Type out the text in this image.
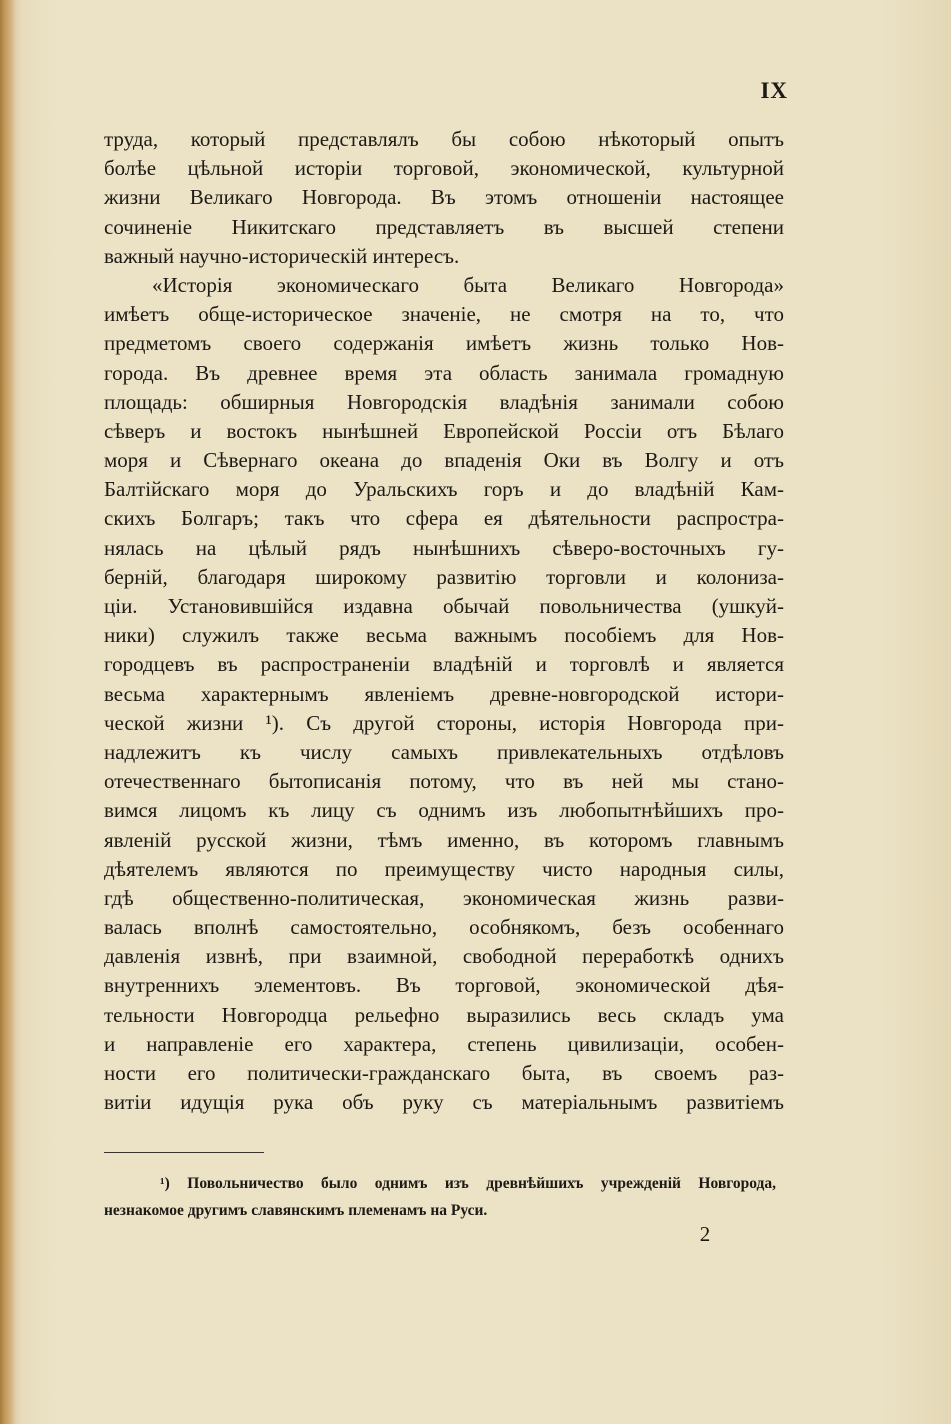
IX
труда, который представлялъ бы собою нѣкоторый опытъ
болѣе цѣльной исторіи торговой, экономической, культурной
жизни Великаго Новгорода. Въ этомъ отношеніи настоящее
сочиненіе Никитскаго представляетъ въ высшей степени
важный научно-историческій интересъ.
«Исторія экономическаго быта Великаго Новгорода»
имѣетъ обще-историческое значеніе, не смотря на то, что
предметомъ своего содержанія имѣетъ жизнь только Нов-
города. Въ древнее время эта область занимала громадную
площадь: обширныя Новгородскія владѣнія занимали собою
сѣверъ и востокъ нынѣшней Европейской Россіи отъ Бѣлаго
моря и Сѣвернаго океана до впаденія Оки въ Волгу и отъ
Балтійскаго моря до Уральскихъ горъ и до владѣній Кам-
скихъ Болгаръ; такъ что сфера ея дѣятельности распростра-
нялась на цѣлый рядъ нынѣшнихъ сѣверо-восточныхъ гу-
берній, благодаря широкому развитію торговли и колониза-
ціи. Установившійся издавна обычай повольничества (ушкуй-
ники) служилъ также весьма важнымъ пособіемъ для Нов-
городцевъ въ распространеніи владѣній и торговлѣ и является
весьма характернымъ явленіемъ древне-новгородской истори-
ческой жизни ¹). Съ другой стороны, исторія Новгорода при-
надлежитъ къ числу самыхъ привлекательныхъ отдѣловъ
отечественнаго бытописанія потому, что въ ней мы стано-
вимся лицомъ къ лицу съ однимъ изъ любопытнѣйшихъ про-
явленій русской жизни, тѣмъ именно, въ которомъ главнымъ
дѣятелемъ являются по преимуществу чисто народныя силы,
гдѣ общественно-политическая, экономическая жизнь разви-
валась вполнѣ самостоятельно, особнякомъ, безъ особеннаго
давленія извнѣ, при взаимной, свободной переработкѣ одниxъ
внутреннихъ элементовъ. Въ торговой, экономической дѣя-
тельности Новгородца рельефно выразились весь складъ ума
и направленіе его характера, степень цивилизаціи, особен-
ности его политически-гражданскаго быта, въ своемъ раз-
витіи идущія рука объ руку съ матеріальнымъ развитіемъ
¹) Повольничество было однимъ изъ древнѣйшихъ учрежденій Новгорода,
незнакомое другимъ славянскимъ племенамъ на Руси.
2
